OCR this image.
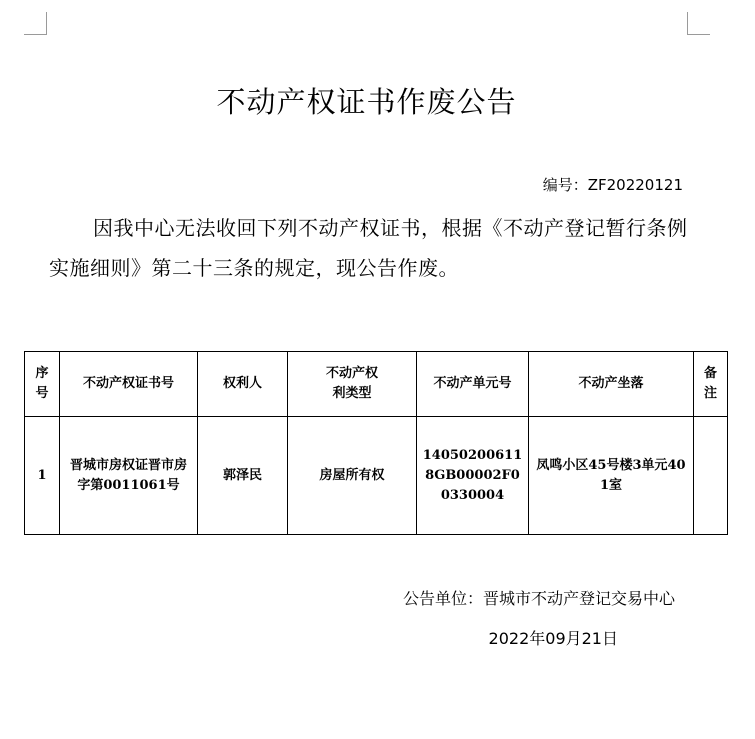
不动产权证书作废公告
编号：ZF20220121
因我中心无法收回下列不动产权证书，根据《不动产登记暂行条例实施细则》第二十三条的规定，现公告作废。
序号	不动产权证书号	权利人	不动产权利类型	不动产单元号	不动产坐落	备注
1	晋城市房权证晋市房字第0011061号	郭泽民	房屋所有权	140502006118GB00002F00330004	凤鸣小区45号楼3单元401室	
公告单位：晋城市不动产登记交易中心
2022年09月21日
